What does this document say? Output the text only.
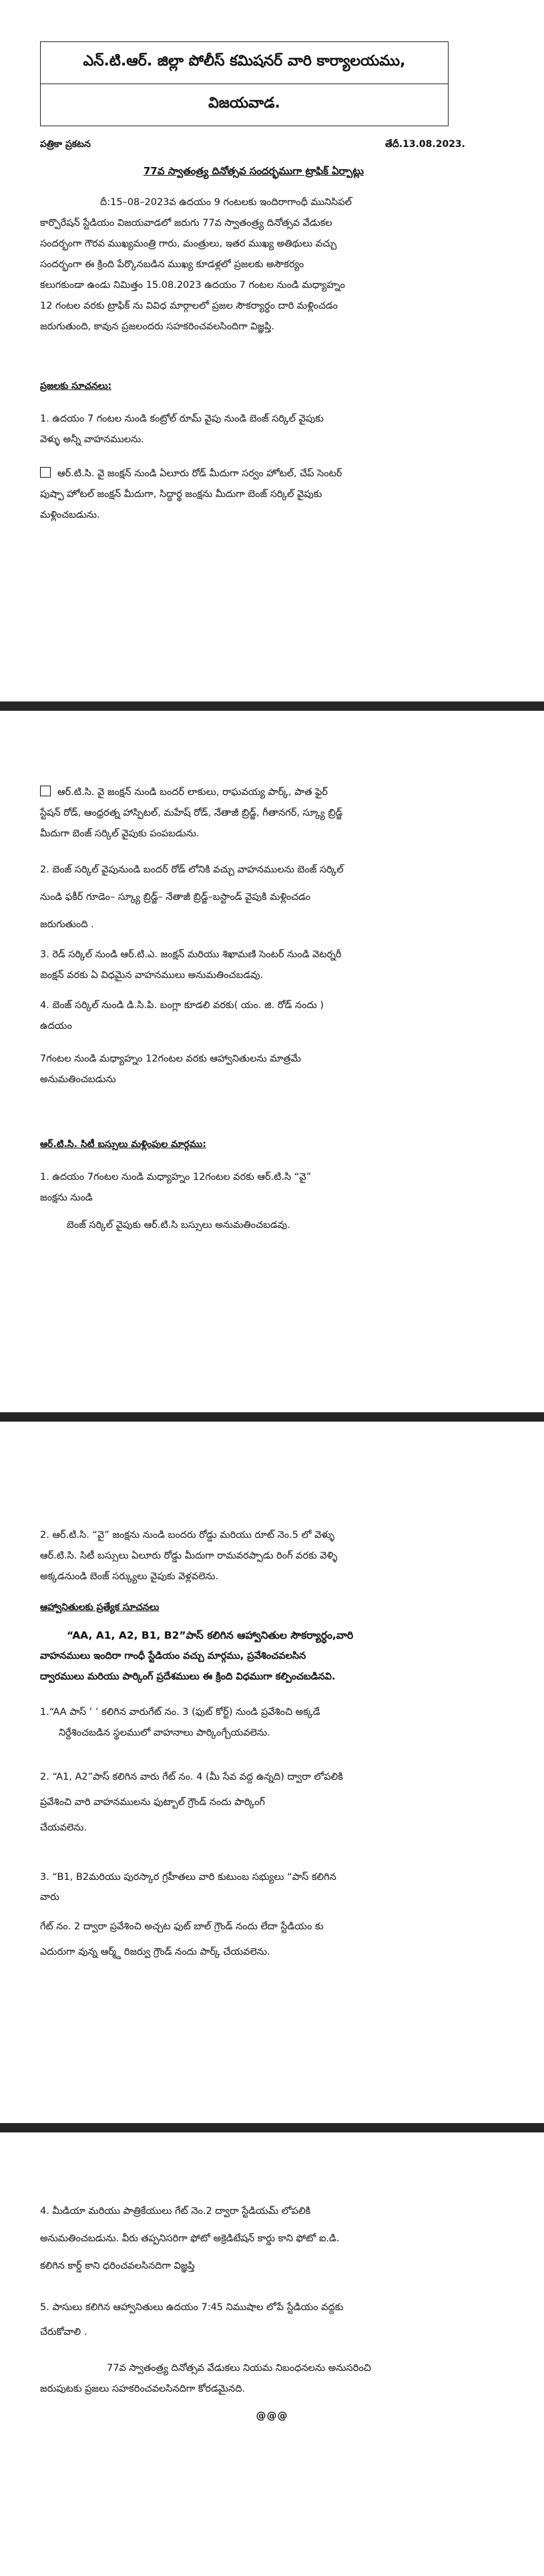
ఎన్.టి.ఆర్. జిల్లా పోలీస్ కమిషనర్ వారి కార్యాలయము,
విజయవాడ.
పత్రికా ప్రకటన	తేదీ.13.08.2023.
77వ స్వాతంత్ర్య దినోత్సవ సందర్భముగా ట్రాఫిక్ ఏర్పాట్లు
దీ:15–08–2023వ ఉదయం 9 గంటలకు ఇందిరాగాంధీ మునిసిపల్
కార్పొరేషన్ స్టేడియం విజయవాడలో జరుగు 77వ స్వాతంత్ర్య దినోత్సవ వేడుకల
సందర్భంగా గౌరవ ముఖ్యమంత్రి గారు, మంత్రులు, ఇతర ముఖ్య అతిథులు వచ్చు
సందర్భంగా ఈ క్రింది పేర్కొనబడిన ముఖ్య కూడళ్లలో ప్రజలకు అసౌకర్యం
కలుగకుండా ఉండు నిమిత్తం 15.08.2023 ఉదయం 7 గంటల నుండి మధ్యాహ్నం
12 గంటల వరకు ట్రాఫిక్ ను వివిధ మార్గాలలో ప్రజల సౌకర్యార్ధం దారి మళ్లించడం
జరుగుతుంది, కావున ప్రజలందరు సహకరించవలసిందిగా విజ్ఞప్తి.
ప్రజలకు సూచనలు:
1. ఉదయం 7 గంటల నుండి కంట్రోల్ రూమ్ వైపు నుండి బెంజ్ సర్కిల్ వైపుకు
వెళ్ళు అన్నీ వాహనములను.
ఆర్.టి.సి. వై జంక్షన్ నుండి ఏలూరు రోడ్ మీదుగా సర్వం హోటల్, చేప్ సెంటర్
పుష్పా హోటల్ జంక్షన్ మీదుగా, సిద్ధార్థ జంక్షను మీదుగా బెంజ్ సర్కిల్ వైపుకు
మళ్లించబడును.
ఆర్.టి.సి. వై జంక్షన్ నుండి బందర్ లాకులు, రాఘవయ్య పార్క్, పాత ఫైర్
స్టేషన్ రోడ్, ఆంధ్రరత్న హాస్పిటల్, మహేష్ రోడ్, నేతాజీ బ్రిడ్జ్, గీతానగర్, స్క్యూ బ్రిడ్జ్
మీదుగా బెంజ్ సర్కిల్ వైపుకు పంపబడును.
2. బెంజ్ సర్కిల్ వైపునుండి బందర్ రోడ్ లోనికి వచ్చు వాహనములను బెంజ్ సర్కిల్
నుండి ఫకీర్ గూడెం– స్క్యూ బ్రిడ్జ్– నేతాజీ బ్రిడ్జ్–బస్టాండ్ వైపుకి మళ్లించడం
జరుగుతుంది .
3. రెడ్ సర్కిల్ నుండి ఆర్.టి.ఎ. జంక్షన్ మరియు శిఖామణి సెంటర్ నుండి వెటర్నరీ
జంక్షన్ వరకు ఏ విధమైన వాహనములు అనుమతించబడవు.
4. బెంజ్ సర్కిల్ నుండి డి.సి.పి. బంగ్లా కూడలి వరకు( యం. జి. రోడ్ నందు )
ఉదయం
7గంటల నుండి మధ్యాహ్నం 12గంటల వరకు ఆహ్వానితులను మాత్రమే
అనుమతించబడును
ఆర్.టి.సి. సిటీ బస్సులు మళ్లింపుల మార్గము:
1. ఉదయం 7గంటల నుండి మధ్యాహ్నం 12గంటల వరకు ఆర్.టి.సి “వై”
జంక్షను నుండి
బెంజ్ సర్కిల్ వైపుకు ఆర్.టి.సి బస్సులు అనుమతించబడవు.
2. ఆర్.టి.సి. “వై” జంక్షను నుండి బందరు రోడ్డు మరియు రూట్ నెం.5 లో వెళ్ళు
ఆర్.టి.సి. సిటీ బస్సులు ఏలూరు రోడ్డు మీదుగా రామవరప్పాడు రింగ్ వరకు వెళ్ళి
అక్కడనుండి బెంజ్ సర్క్యులు వైపుకు వెళ్లవలెను.
ఆహ్వానితులకు ప్రత్యేక సూచనలు
“AA, A1, A2, B1, B2”పాస్ కలిగిన ఆహ్వానితుల సౌకర్యార్ధం,వారి
వాహనములు ఇందిరా గాంధీ స్టేడియం వచ్చు మార్గము, ప్రవేశించవలసిన
ద్వారములు మరియు పార్కింగ్ ప్రదేశములు ఈ క్రింది విధముగా కల్పించబడినవి.
1.“AA పాస్ ’ ’ కలిగిన వారుగేట్ నం. 3 (ఫుట్ కోర్ట్) నుండి ప్రవేశించి అక్కడే
నిర్దేశించబడిన స్థలములో వాహనాలు పార్కింగ్చేయవలెను.
2. “A1, A2”పాస్ కలిగిన వారు గేట్ నం. 4 (మీ సేవ వద్ద ఉన్నది) ద్వారా లోపలికి
ప్రవేశించి వారి వాహనములను ఫుట్బాల్ గ్రౌండ్ నందు పార్కింగ్
చేయవలెను.
3. “B1, B2మరియు పురస్కార గ్రహీతలు వారి కుటుంబ సభ్యులు “పాస్ కలిగిన
వారు
గేట్ నం. 2 ద్వారా ప్రవేశించి అచ్చట ఫుట్ బాల్ గ్రౌండ్ నందు లేదా స్టేడియం కు
ఎదురుగా వున్న ఆర్మ్డ్ రిజర్వు గ్రౌండ్ నందు పార్క్ చేయవలెను.
4. మీడియా మరియు పాత్రికేయులు గేట్ నెం.2 ద్వారా స్టేడియమ్ లోపలికి
అనుమతించబడును. వీరు తప్పనిసరిగా ఫోటో అక్రెడిటేషన్ కార్డు కాని ఫోటో ఐ.డి.
కలిగిన కార్డ్ కాని ధరించవలసినదిగా విజ్ఞప్తి
5. పాసులు కలిగిన ఆహ్వానితులు ఉదయం 7:45 నిముషాల లోపే స్టేడియం వద్దకు
చేరుకోవాలి .
77వ స్వాతంత్ర్య దినోత్సవ వేడుకలు నియమ నిబంధనలను అనుసరించి
జరుపుటకు ప్రజలు సహకరించవలసినదిగా కోరడమైనది.
@@@
